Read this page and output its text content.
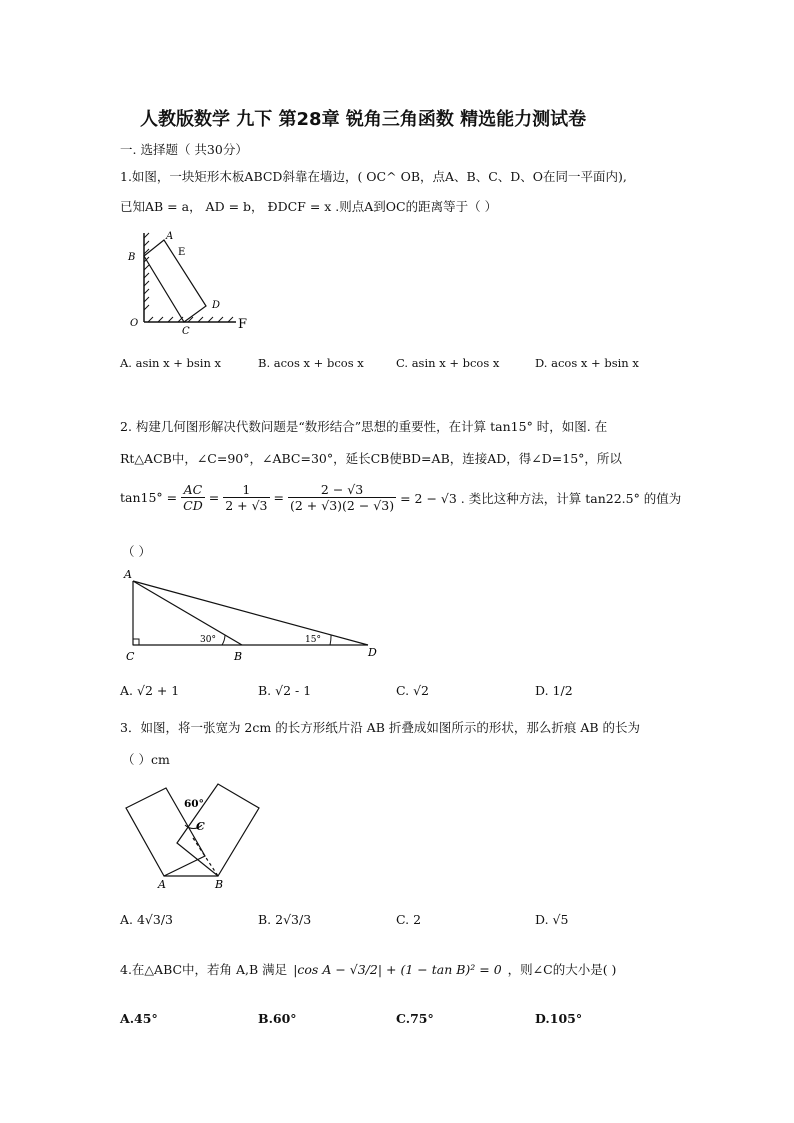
人教版数学 九下 第28章 锐角三角函数 精选能力测试卷
一. 选择题（ 共30分）
1.如图，一块矩形木板ABCD斜靠在墙边，( OC^ OB，点A、B、C、D、O在同一平面内),
已知AB = a， AD = b， ÐDCF = x .则点A到OC的距离等于（ ）
A
E
B
D
O
C	F
A. asin x + bsin x	B. acos x + bcos x	C. asin x + bcos x	D. acos x + bsin x
2. 构建几何图形解决代数问题是“数形结合”思想的重要性，在计算 tan15° 时，如图. 在
Rt△ACB中，∠C=90°，∠ABC=30°，延长CB使BD=AB，连接AD，得∠D=15°，所以
$\tan 15^\circ = \frac{AC}{CD} = \frac{1}{2 + √3} = \frac{2 - √3}{(2 + √3)(2 - √3)} = 2 - √3$ . 类比这种方法，计算 tan22.5° 的值为
（ ）
A
C	B	D
30°	15°
A. √2 + 1	B. √2 - 1	C. √2	D. 1/2
3．如图，将一张宽为 2cm 的长方形纸片沿 AB 折叠成如图所示的形状，那么折痕 AB 的长为
（ ）cm
60°
C
A	B
A. 4√3/3	B. 2√3/3	C. 2	D. √5
4.在△ABC中，若角 A,B 满足 |cos A − √3/2| + (1 − tan B)² = 0 ，则∠C的大小是( )
A.45°	B.60°	C.75°	D.105°
